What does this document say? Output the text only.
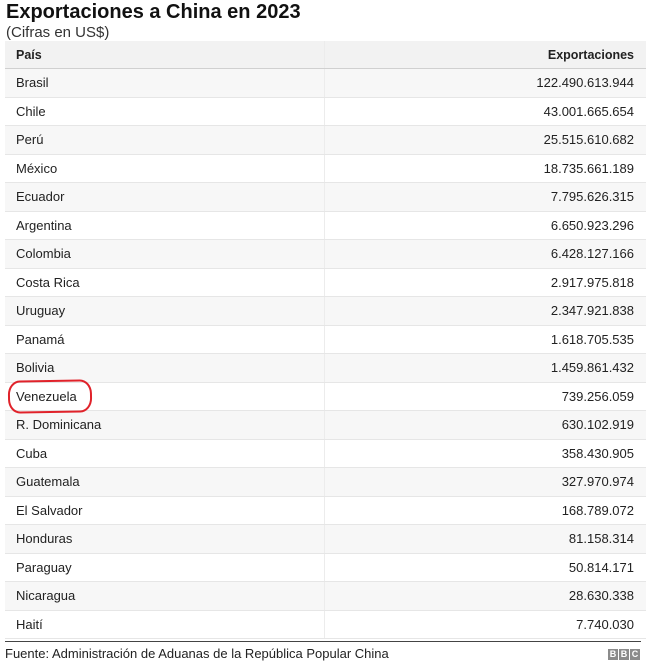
Exportaciones a China en 2023
(Cifras en US$)
País	Exportaciones
Brasil	122.490.613.944
Chile	43.001.665.654
Perú	25.515.610.682
México	18.735.661.189
Ecuador	7.795.626.315
Argentina	6.650.923.296
Colombia	6.428.127.166
Costa Rica	2.917.975.818
Uruguay	2.347.921.838
Panamá	1.618.705.535
Bolivia	1.459.861.432
Venezuela	739.256.059
R. Dominicana	630.102.919
Cuba	358.430.905
Guatemala	327.970.974
El Salvador	168.789.072
Honduras	81.158.314
Paraguay	50.814.171
Nicaragua	28.630.338
Haití	7.740.030
Fuente: Administración de Aduanas de la República Popular China	B B C
